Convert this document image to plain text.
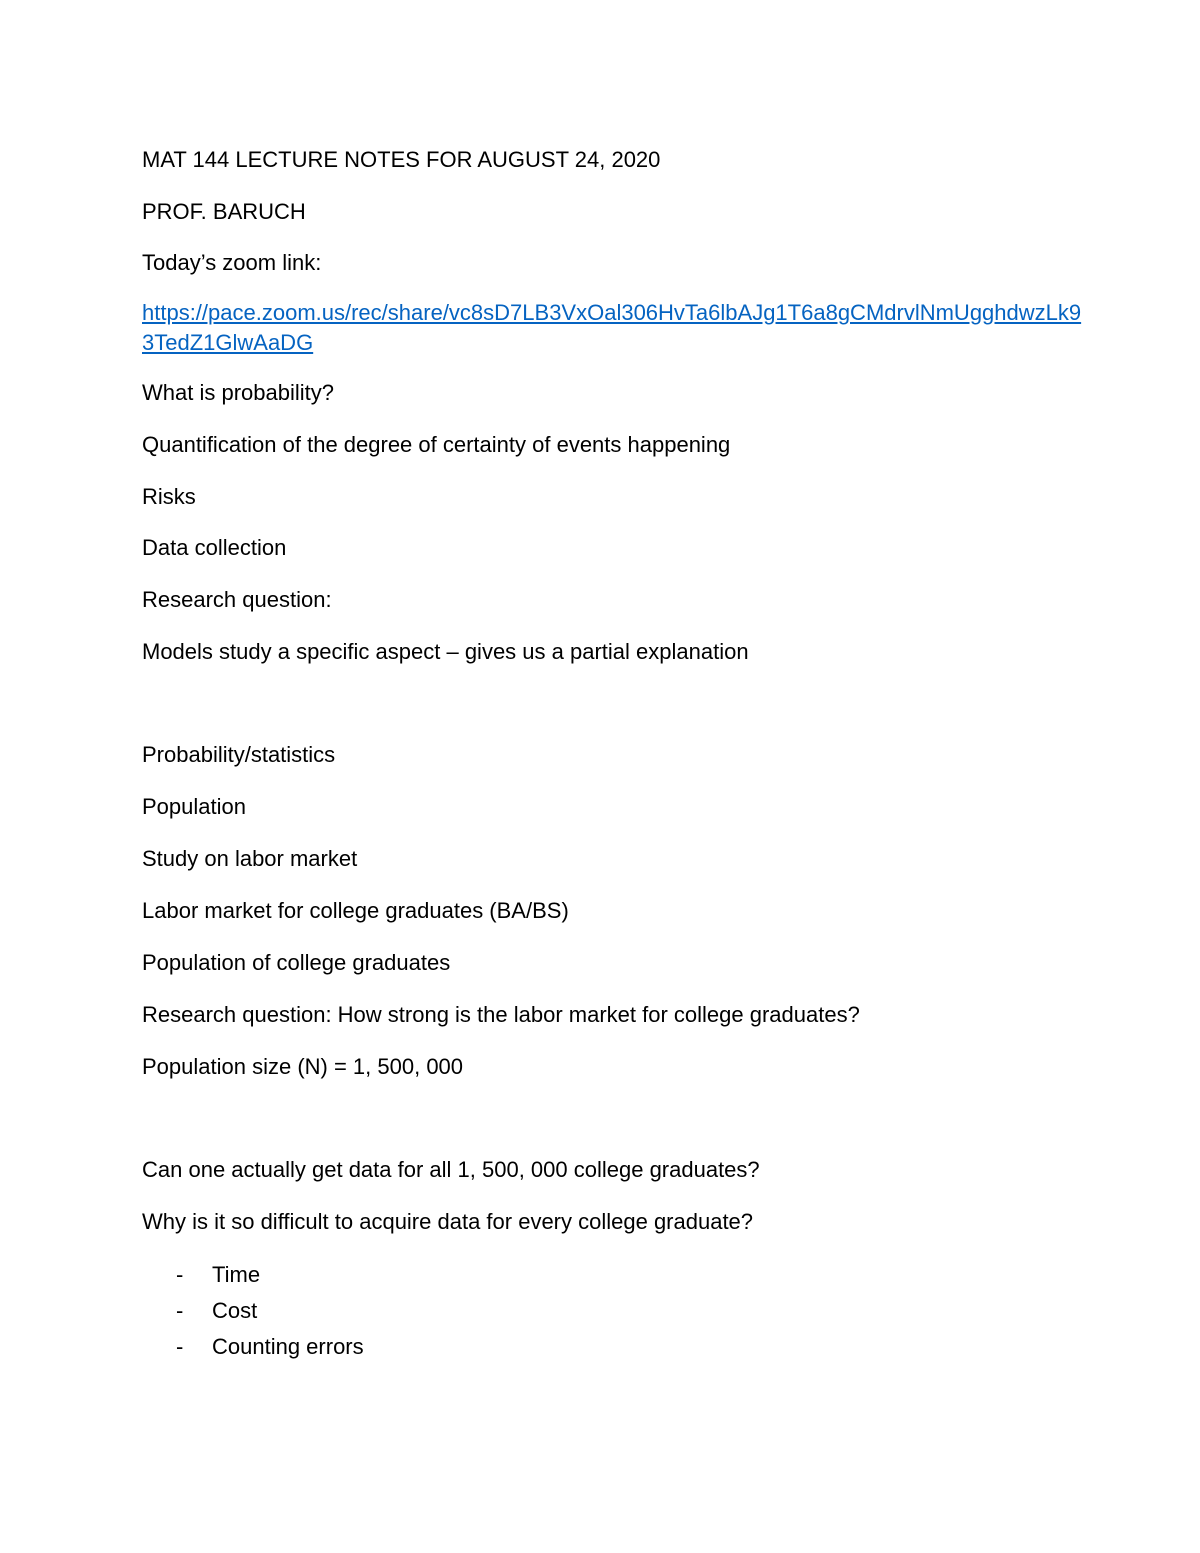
MAT 144 LECTURE NOTES FOR AUGUST 24, 2020

PROF. BARUCH

Today’s zoom link:

https://pace.zoom.us/rec/share/vc8sD7LB3VxOal306HvTa6lbAJg1T6a8gCMdrvlNmUgghdwzLk9

3TedZ1GlwAaDG

What is probability?

Quantification of the degree of certainty of events happening

Risks

Data collection

Research question:

Models study a specific aspect – gives us a partial explanation

Probability/statistics

Population

Study on labor market

Labor market for college graduates (BA/BS)

Population of college graduates

Research question: How strong is the labor market for college graduates?

Population size (N) = 1, 500, 000

Can one actually get data for all 1, 500, 000 college graduates?

Why is it so difficult to acquire data for every college graduate?

- Time
- Cost
- Counting errors
